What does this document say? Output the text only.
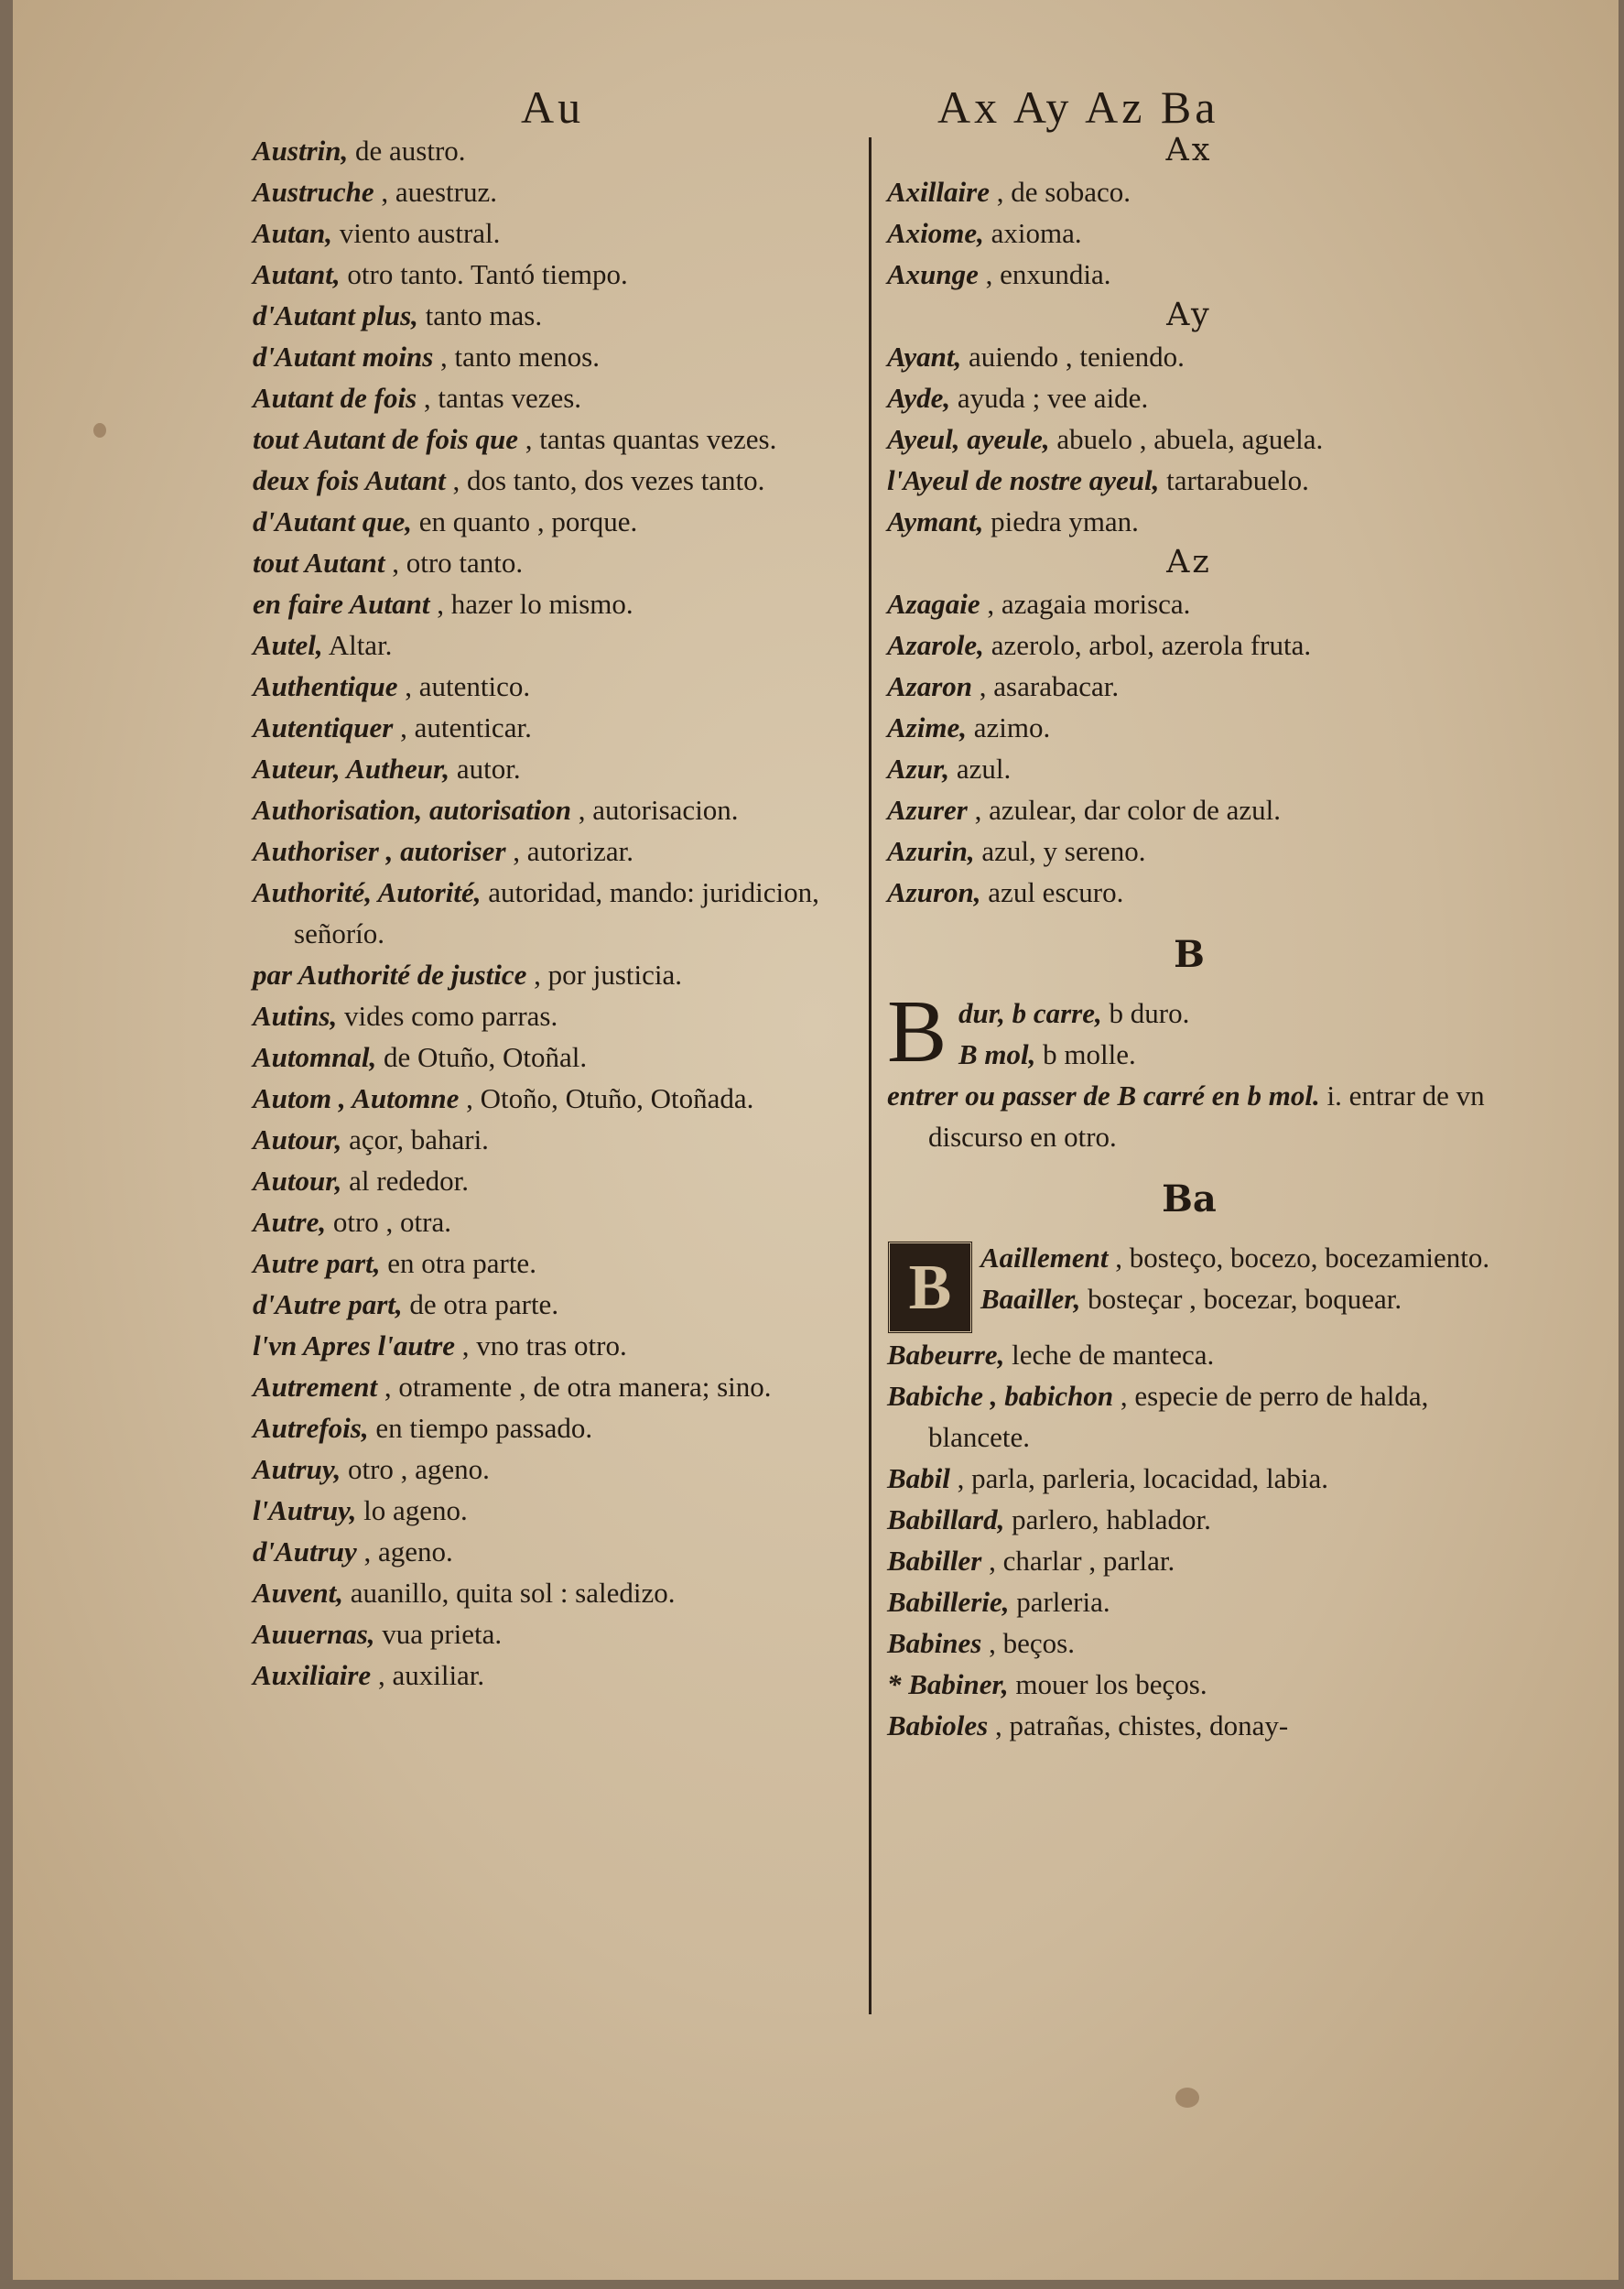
Au	Ax Ay Az Ba
Austrin, de austro.
Austruche , auestruz.
Autan, viento austral.
Autant, otro tanto. Tantó tiempo.
d'Autant plus, tanto mas.
d'Autant moins , tanto menos.
Autant de fois , tantas vezes.
tout Autant de fois que , tantas quantas vezes.
deux fois Autant , dos tanto, dos vezes tanto.
d'Autant que, en quanto , porque.
tout Autant , otro tanto.
en faire Autant , hazer lo mismo.
Autel, Altar.
Authentique , autentico.
Autentiquer , autenticar.
Auteur, Autheur, autor.
Authorisation, autorisation , autorisacion.
Authoriser , autoriser , autorizar.
Authorité, Autorité, autoridad, mando: juridicion, señorío.
par Authorité de justice , por justicia.
Autins, vides como parras.
Automnal, de Otuño, Otoñal.
Autom , Automne , Otoño, Otuño, Otoñada.
Autour, açor, bahari.
Autour, al rededor.
Autre, otro , otra.
Autre part, en otra parte.
d'Autre part, de otra parte.
l'vn Apres l'autre , vno tras otro.
Autrement , otramente , de otra manera; sino.
Autrefois, en tiempo passado.
Autruy, otro , ageno.
l'Autruy, lo ageno.
d'Autruy , ageno.
Auvent, auanillo, quita sol : saledizo.
Auuernas, vua prieta.
Auxiliaire , auxiliar.
Ax
Axillaire , de sobaco.
Axiome, axioma.
Axunge , enxundia.
Ay
Ayant, auiendo , teniendo.
Ayde, ayuda ; vee aide.
Ayeul, ayeule, abuelo , abuela, aguela.
l'Ayeul de nostre ayeul, tartarabuelo.
Aymant, piedra yman.
Az
Azagaie , azagaia morisca.
Azarole, azerolo, arbol, azerola fruta.
Azaron , asarabacar.
Azime, azimo.
Azur, azul.
Azurer , azulear, dar color de azul.
Azurin, azul, y sereno.
Azuron, azul escuro.
B
B dur, b carre, b duro.
B mol, b molle.
entrer ou passer de B carré en b mol. i. entrar de vn discurso en otro.
Ba
B	Aaillement , bosteço, bocezo, bocezamiento.
Baailler, bosteçar , bocezar, boquear.
Babeurre, leche de manteca.
Babiche , babichon , especie de perro de halda, blancete.
Babil , parla, parleria, locacidad, labia.
Babillard, parlero, hablador.
Babiller , charlar , parlar.
Babillerie, parleria.
Babines , beços.
* Babiner, mouer los beços.
Babioles , patrañas, chistes, donay-
